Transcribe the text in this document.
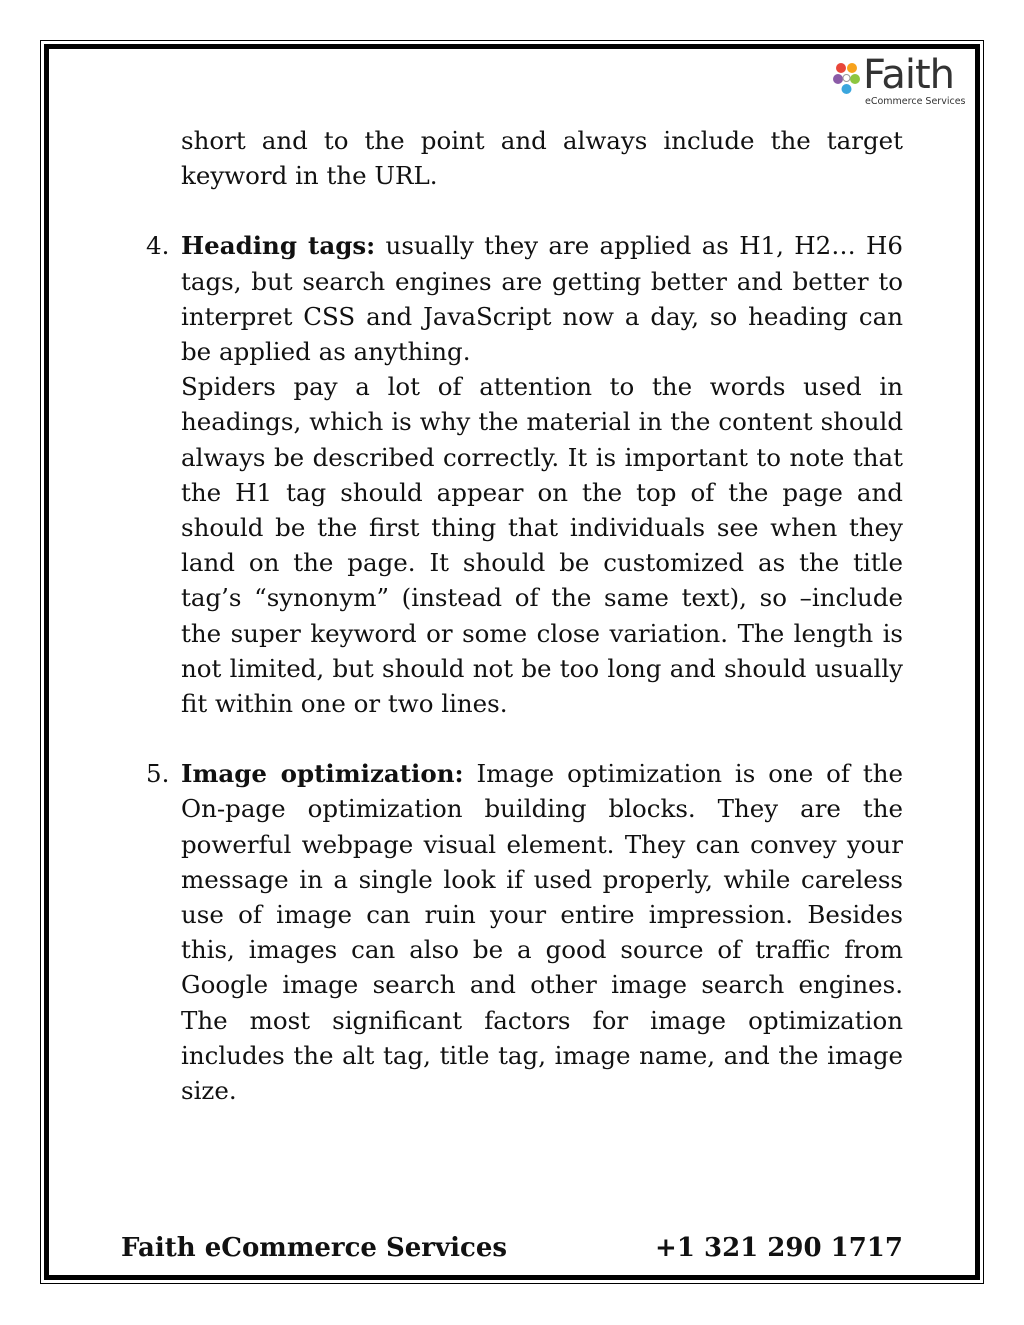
Faith
eCommerce Services

short and to the point and always include the target keyword in the URL.

4. Heading tags: usually they are applied as H1, H2… H6 tags, but search engines are getting better and better to interpret CSS and JavaScript now a day, so heading can be applied as anything.

Spiders pay a lot of attention to the words used in headings, which is why the material in the content should always be described correctly. It is important to note that the H1 tag should appear on the top of the page and should be the first thing that individuals see when they land on the page. It should be customized as the title tag’s “synonym” (instead of the same text), so –include the super keyword or some close variation. The length is not limited, but should not be too long and should usually fit within one or two lines.

5. Image optimization: Image optimization is one of the On-page optimization building blocks. They are the powerful webpage visual element. They can convey your message in a single look if used properly, while careless use of image can ruin your entire impression. Besides this, images can also be a good source of traffic from Google image search and other image search engines. The most significant factors for image optimization includes the alt tag, title tag, image name, and the image size.

Faith eCommerce Services	+1 321 290 1717
